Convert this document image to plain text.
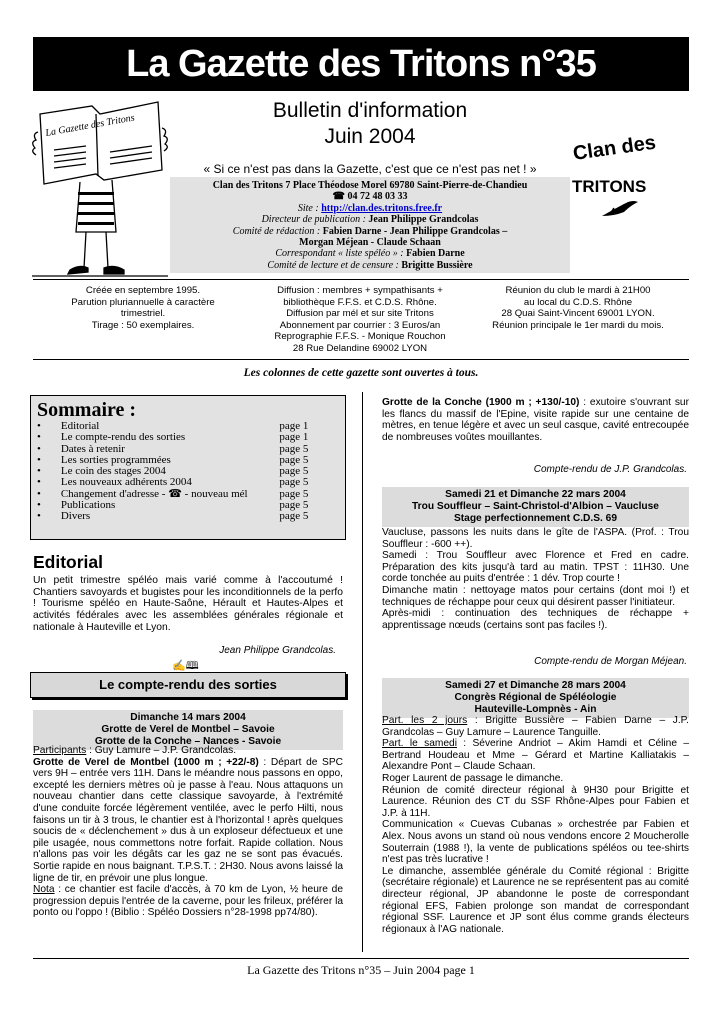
La Gazette des Tritons n°35
La Gazette des Tritons
Clan des
TRITONS
Bulletin d'information
Juin 2004
« Si ce n'est pas dans la Gazette, c'est que ce n'est pas net ! »
Clan des Tritons 7 Place Théodose Morel 69780 Saint-Pierre-de-Chandieu
☎ 04 72 48 03 33
Site : http://clan.des.tritons.free.fr
Directeur de publication : Jean Philippe Grandcolas
Comité de rédaction : Fabien Darne - Jean Philippe Grandcolas –
Morgan Méjean - Claude Schaan
Correspondant « liste spéléo » : Fabien Darne
Comité de lecture et de censure : Brigitte Bussière
Créée en septembre 1995.
Parution pluriannuelle à caractère
trimestriel.
Tirage : 50 exemplaires.
Diffusion : membres + sympathisants +
bibliothèque F.F.S. et C.D.S. Rhône.
Diffusion par mél et sur site Tritons
Abonnement par courrier : 3 Euros/an
Reprographie F.F.S. - Monique Rouchon
28 Rue Delandine 69002 LYON
Réunion du club le mardi à 21H00
au local du C.D.S. Rhône
28 Quai Saint-Vincent 69001 LYON.
Réunion principale le 1er mardi du mois.
Les colonnes de cette gazette sont ouvertes à tous.
Sommaire :
•	Editorial	page 1
•	Le compte-rendu des sorties	page 1
•	Dates à retenir	page 5
•	Les sorties programmées	page 5
•	Le coin des stages 2004	page 5
•	Les nouveaux adhérents 2004	page 5
•	Changement d'adresse - ☎ - nouveau mél	page 5
•	Publications	page 5
•	Divers	page 5
Editorial
Un petit trimestre spéléo mais varié comme à l'accoutumé ! Chantiers savoyards et bugistes pour les inconditionnels de la perfo ! Tourisme spéléo en Haute-Saône, Hérault et Hautes-Alpes et activités fédérales avec les assemblées générales régionale et nationale à Hauteville et Lyon.
Jean Philippe Grandcolas.
✍🕮
Le compte-rendu des sorties
Dimanche 14 mars 2004
Grotte de Verel de Montbel – Savoie
Grotte de la Conche – Nances - Savoie
Participants : Guy Lamure – J.P. Grandcolas.
Grotte de Verel de Montbel (1000 m ; +22/-8) : Départ de SPC vers 9H – entrée vers 11H. Dans le méandre nous passons en oppo, excepté les derniers mètres où je passe à l'eau. Nous attaquons un nouveau chantier dans cette classique savoyarde, à l'extrémité d'une conduite forcée légèrement ventilée, avec le perfo Hilti, nous faisons un tir à 3 trous, le chantier est à l'horizontal ! après quelques soucis de « déclenchement » dus à un exploseur défectueux et une pile usagée, nous commettons notre forfait. Rapide collation. Nous n'allons pas voir les dégâts car les gaz ne se sont pas évacués. Sortie rapide en nous baignant. T.P.S.T. : 2H30. Nous avons laissé la ligne de tir, en prévoir une plus longue.
Nota : ce chantier est facile d'accès, à 70 km de Lyon, ½ heure de progression depuis l'entrée de la caverne, pour les frileux, préférer la ponto ou l'oppo ! (Biblio : Spéléo Dossiers n°28-1998 pp74/80).
Grotte de la Conche (1900 m ; +130/-10) : exutoire s'ouvrant sur les flancs du massif de l'Epine, visite rapide sur une centaine de mètres, en tenue légère et avec un seul casque, cavité entrecoupée de nombreuses voûtes mouillantes.
Compte-rendu de J.P. Grandcolas.
Samedi 21 et Dimanche 22 mars 2004
Trou Souffleur – Saint-Christol-d'Albion – Vaucluse
Stage perfectionnement C.D.S. 69
Vaucluse, passons les nuits dans le gîte de l'ASPA. (Prof. : Trou Souffleur : -600 ++).
Samedi : Trou Souffleur avec Florence et Fred en cadre. Préparation des kits jusqu'à tard au matin. TPST : 11H30. Une corde tonchée au puits d'entrée : 1 dév. Trop courte !
Dimanche matin : nettoyage matos pour certains (dont moi !) et techniques de réchappe pour ceux qui désirent passer l'initiateur.
Après-midi : continuation des techniques de réchappe + apprentissage nœuds (certains sont pas faciles !).
Compte-rendu de Morgan Méjean.
Samedi 27 et Dimanche 28 mars 2004
Congrès Régional de Spéléologie
Hauteville-Lompnès - Ain
Part. les 2 jours : Brigitte Bussière – Fabien Darne – J.P. Grandcolas – Guy Lamure – Laurence Tanguille.
Part. le samedi : Séverine Andriot – Akim Hamdi et Céline – Bertrand Houdeau et Mme – Gérard et Martine Kalliatakis – Alexandre Pont – Claude Schaan.
Roger Laurent de passage le dimanche.
Réunion de comité directeur régional à 9H30 pour Brigitte et Laurence. Réunion des CT du SSF Rhône-Alpes pour Fabien et J.P. à 11H.
Communication « Cuevas Cubanas » orchestrée par Fabien et Alex. Nous avons un stand où nous vendons encore 2 Moucherolle Souterrain (1988 !), la vente de publications spéléos ou tee-shirts n'est pas très lucrative !
Le dimanche, assemblée générale du Comité régional : Brigitte (secrétaire régionale) et Laurence ne se représentent pas au comité directeur régional, JP abandonne le poste de correspondant régional EFS, Fabien prolonge son mandat de correspondant régional SSF. Laurence et JP sont élus comme grands électeurs régionaux à l'AG nationale.
La Gazette des Tritons n°35 – Juin 2004 page 1
